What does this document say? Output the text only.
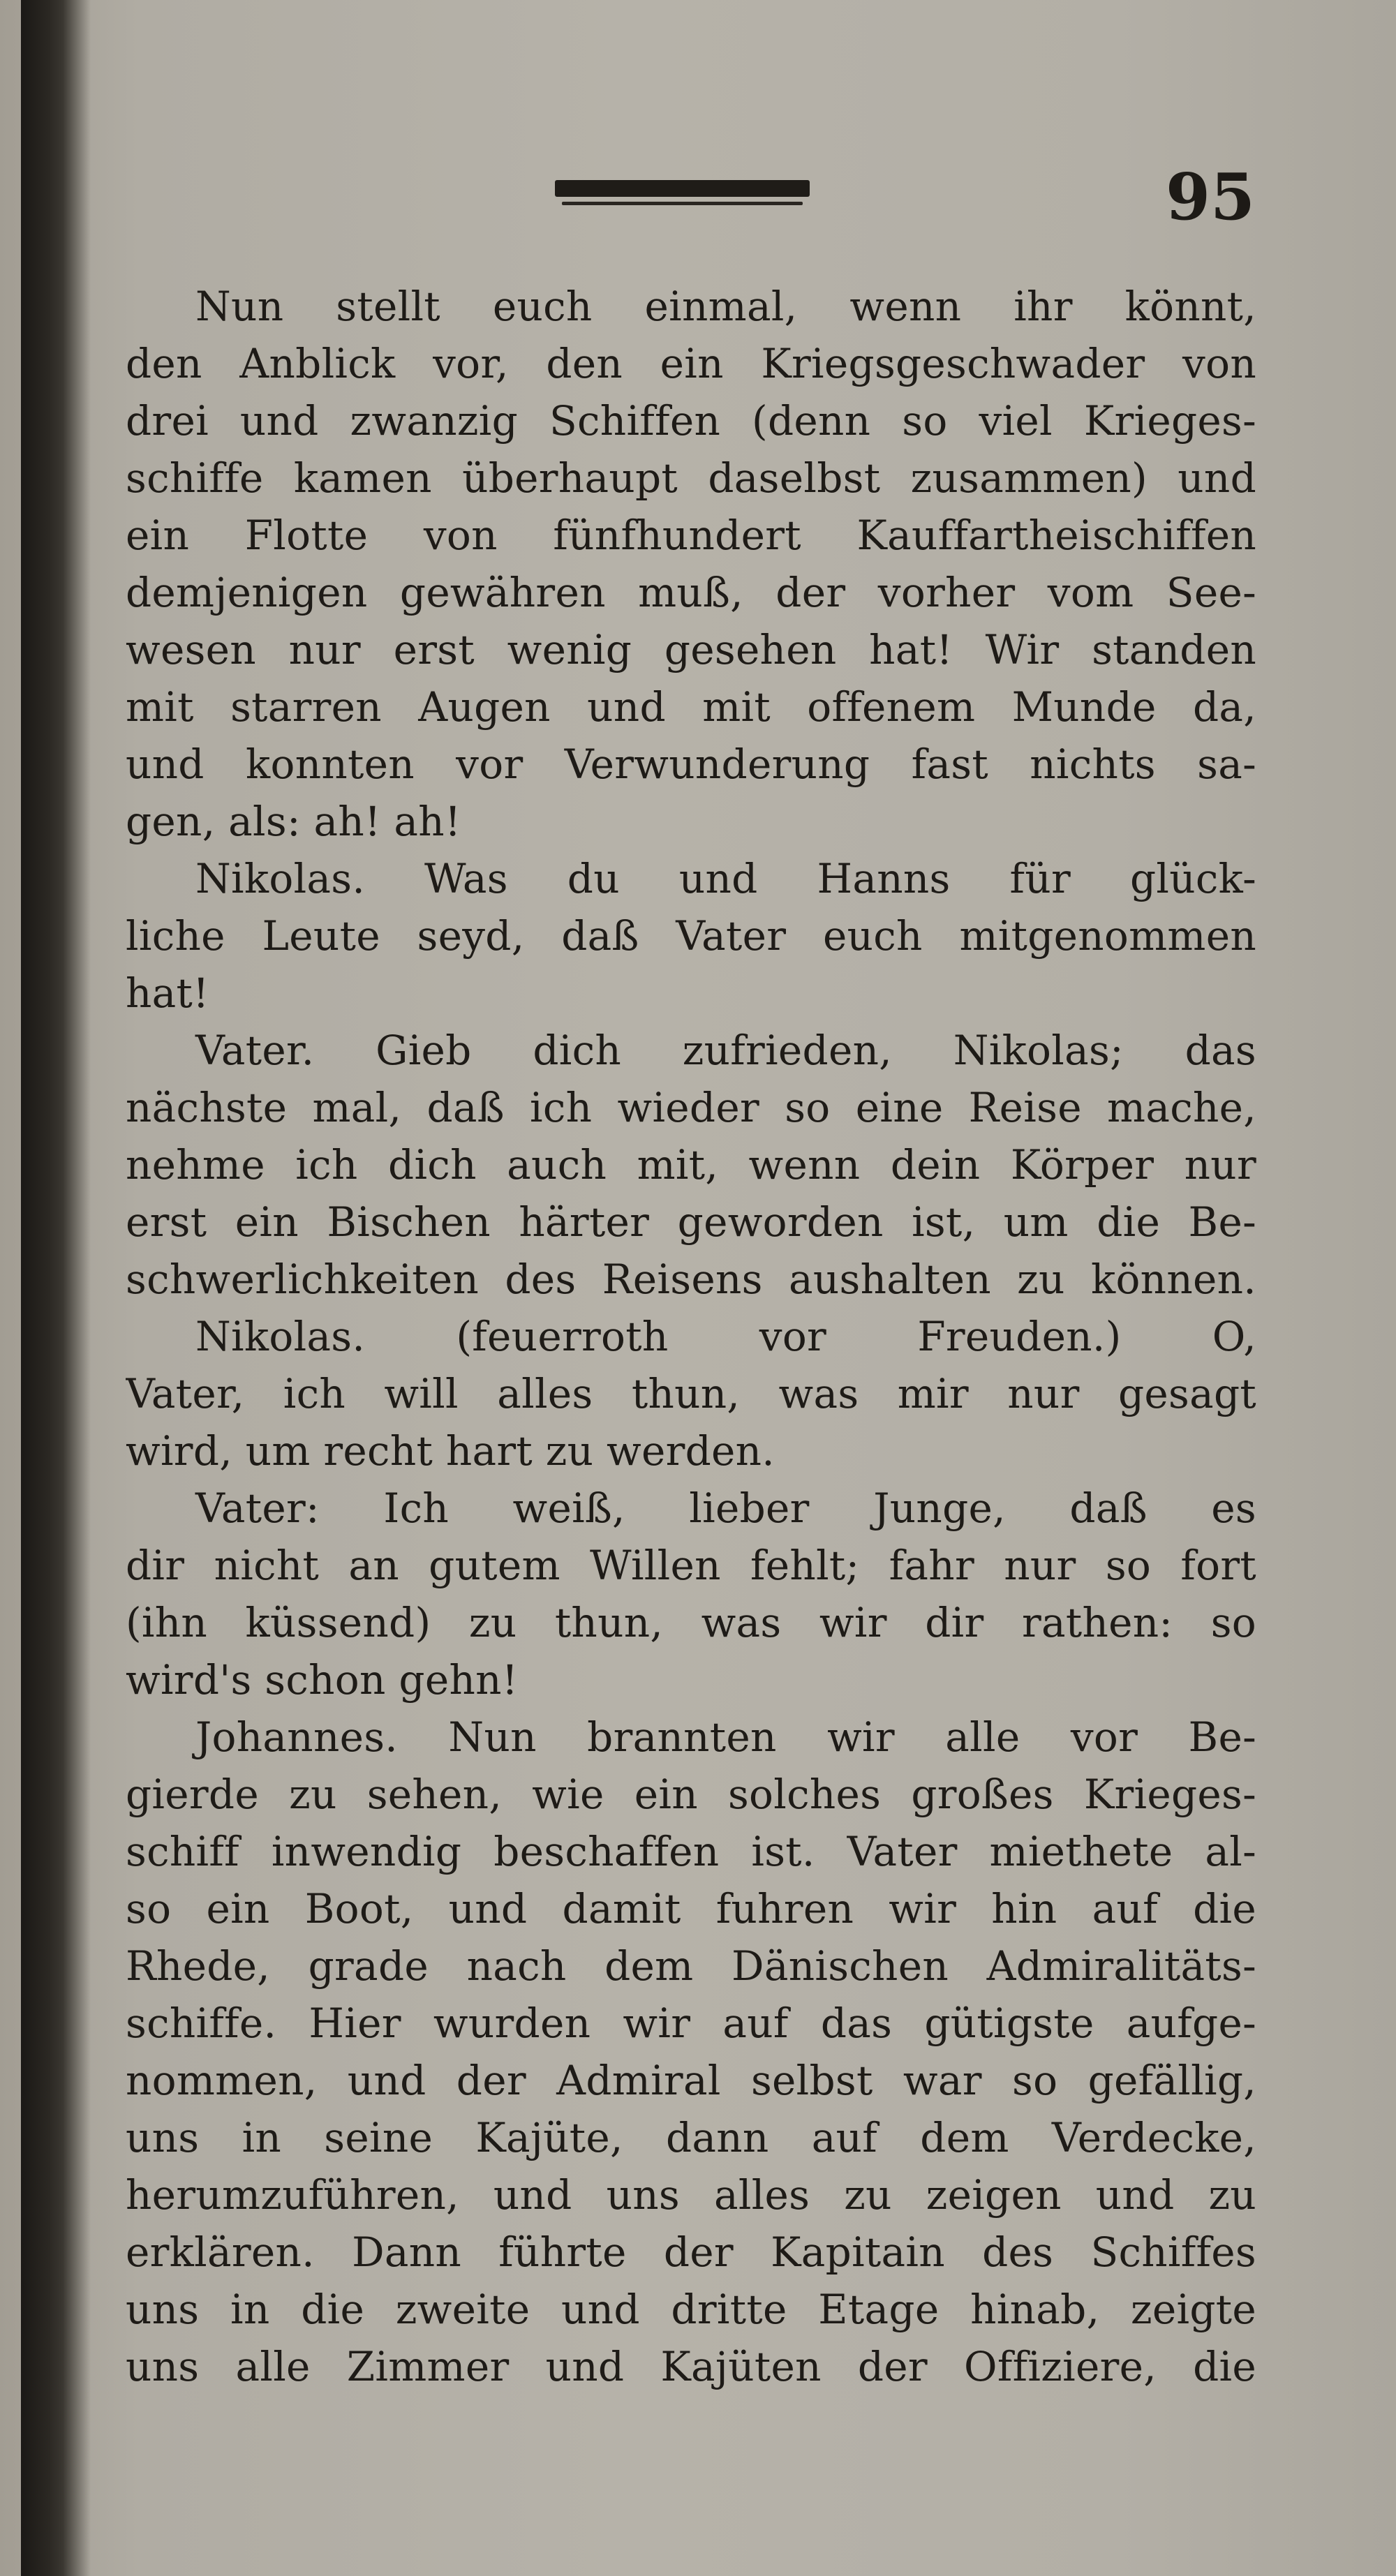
95
Nun stellt euch einmal, wenn ihr könnt,
den Anblick vor, den ein Kriegsgeschwader von
drei und zwanzig Schiffen (denn so viel Krieges-
schiffe kamen überhaupt daselbst zusammen) und
ein Flotte von fünfhundert Kauffartheischiffen
demjenigen gewähren muß, der vorher vom See-
wesen nur erst wenig gesehen hat! Wir standen
mit starren Augen und mit offenem Munde da,
und konnten vor Verwunderung fast nichts sa-
gen, als: ah! ah!
Nikolas. Was du und Hanns für glück-
liche Leute seyd, daß Vater euch mitgenommen
hat!
Vater. Gieb dich zufrieden, Nikolas; das
nächste mal, daß ich wieder so eine Reise mache,
nehme ich dich auch mit, wenn dein Körper nur
erst ein Bischen härter geworden ist, um die Be-
schwerlichkeiten des Reisens aushalten zu können.
Nikolas. (feuerroth vor Freuden.) O,
Vater, ich will alles thun, was mir nur gesagt
wird, um recht hart zu werden.
Vater: Ich weiß, lieber Junge, daß es
dir nicht an gutem Willen fehlt; fahr nur so fort
(ihn küssend) zu thun, was wir dir rathen: so
wird's schon gehn!
Johannes. Nun brannten wir alle vor Be-
gierde zu sehen, wie ein solches großes Krieges-
schiff inwendig beschaffen ist. Vater miethete al-
so ein Boot, und damit fuhren wir hin auf die
Rhede, grade nach dem Dänischen Admiralitäts-
schiffe. Hier wurden wir auf das gütigste aufge-
nommen, und der Admiral selbst war so gefällig,
uns in seine Kajüte, dann auf dem Verdecke,
herumzuführen, und uns alles zu zeigen und zu
erklären. Dann führte der Kapitain des Schiffes
uns in die zweite und dritte Etage hinab, zeigte
uns alle Zimmer und Kajüten der Offiziere, die
